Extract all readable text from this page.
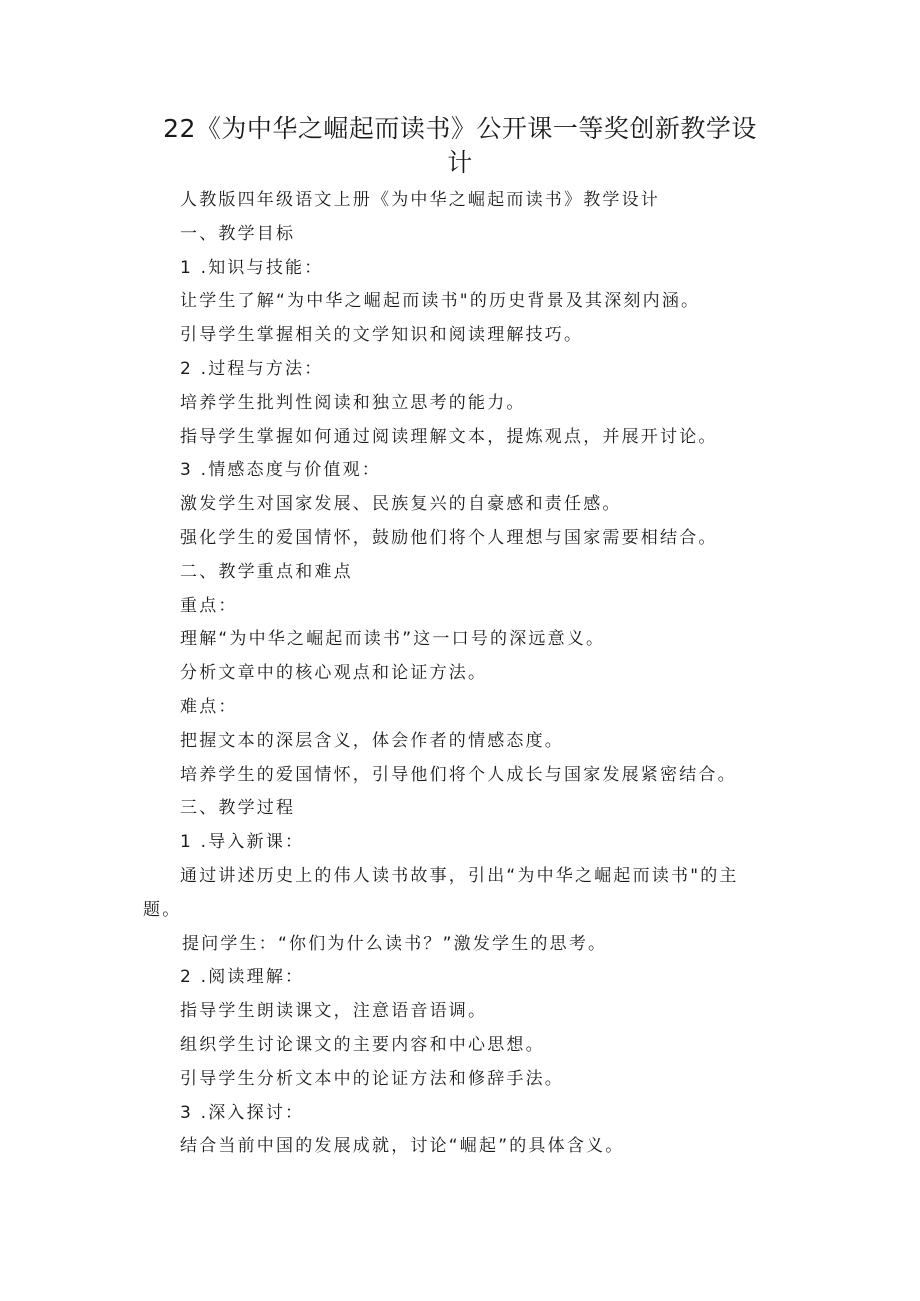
22《为中华之崛起而读书》公开课一等奖创新教学设
计
人教版四年级语文上册《为中华之崛起而读书》教学设计
一、教学目标
1 .知识与技能：
让学生了解“为中华之崛起而读书"的历史背景及其深刻内涵。
引导学生掌握相关的文学知识和阅读理解技巧。
2 .过程与方法：
培养学生批判性阅读和独立思考的能力。
指导学生掌握如何通过阅读理解文本，提炼观点，并展开讨论。
3 .情感态度与价值观：
激发学生对国家发展、民族复兴的自豪感和责任感。
强化学生的爱国情怀，鼓励他们将个人理想与国家需要相结合。
二、教学重点和难点
重点：
理解“为中华之崛起而读书”这一口号的深远意义。
分析文章中的核心观点和论证方法。
难点：
把握文本的深层含义，体会作者的情感态度。
培养学生的爱国情怀，引导他们将个人成长与国家发展紧密结合。
三、教学过程
1 .导入新课：
通过讲述历史上的伟人读书故事，引出“为中华之崛起而读书"的主
题。
提问学生：“你们为什么读书？”激发学生的思考。
2 .阅读理解：
指导学生朗读课文，注意语音语调。
组织学生讨论课文的主要内容和中心思想。
引导学生分析文本中的论证方法和修辞手法。
3 .深入探讨：
结合当前中国的发展成就，讨论“崛起”的具体含义。
